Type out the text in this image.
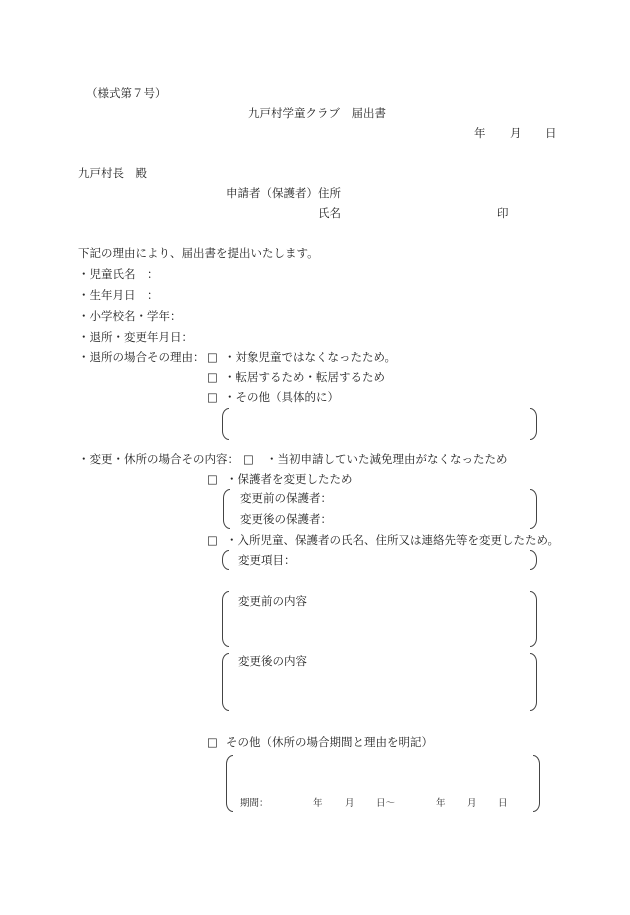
（様式第７号）
九戸村学童クラブ　届出書
年 月 日
九戸村長　殿
申請者（保護者）住所
氏名	印
下記の理由により、届出書を提出いたします。
・児童氏名　：
・生年月日　：
・小学校名・学年：
・退所・変更年月日：
・退所の場合その理由： □ ・対象児童ではなくなったため。
□ ・転居するため・転居するため
□ ・その他（具体的に）
・変更・休所の場合その内容： □ ・当初申請していた減免理由がなくなったため
□ ・保護者を変更したため
変更前の保護者：
変更後の保護者：
□ ・入所児童、保護者の氏名、住所又は連絡先等を変更したため。
変更項目：
変更前の内容
変更後の内容
□ その他（休所の場合期間と理由を明記）
期間：	年 月 日〜	年 月 日
